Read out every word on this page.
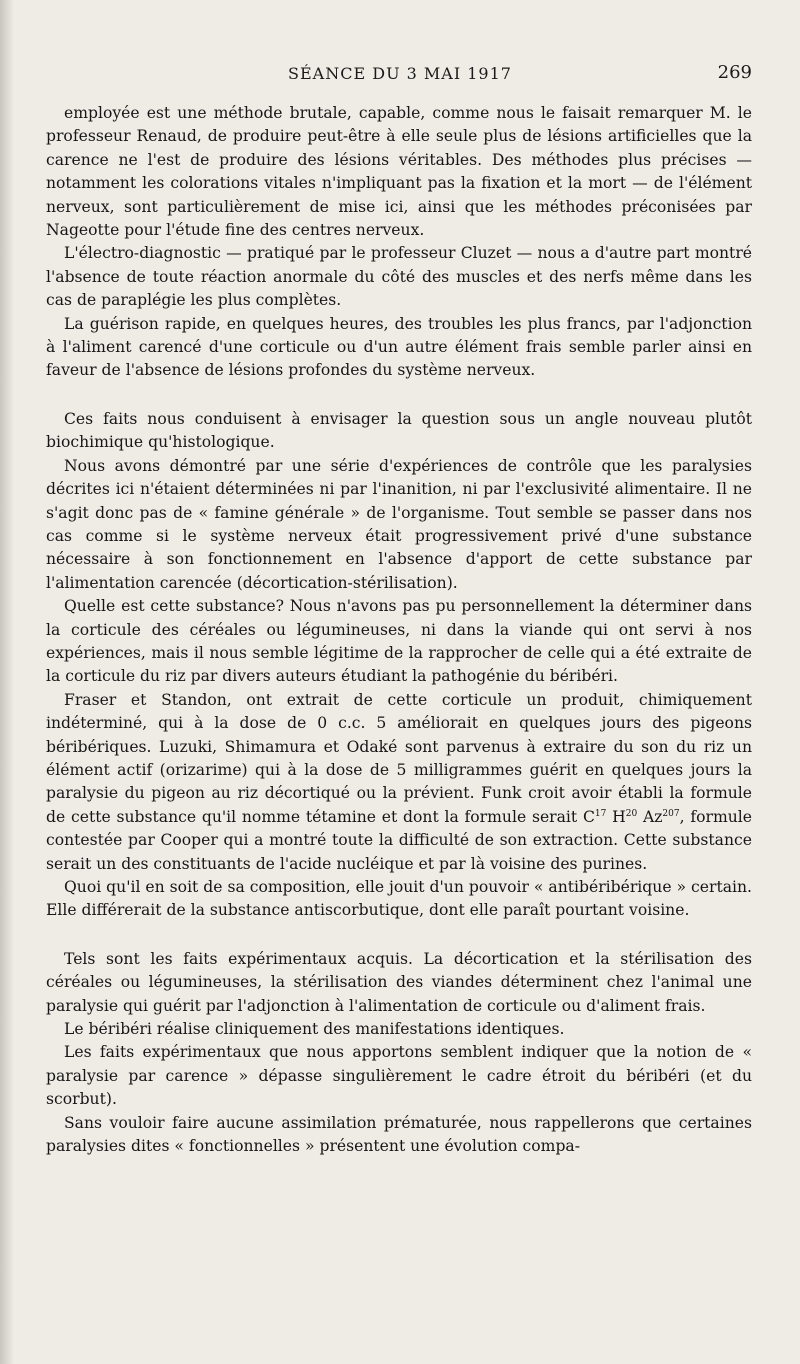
SÉANCE DU 3 MAI 1917	269

employée est une méthode brutale, capable, comme nous le faisait remarquer M. le professeur Renaud, de produire peut-être à elle seule plus de lésions artificielles que la carence ne l'est de produire des lésions véritables. Des méthodes plus précises — notamment les colorations vitales n'impliquant pas la fixation et la mort — de l'élément nerveux, sont particulièrement de mise ici, ainsi que les méthodes préconisées par Nageotte pour l'étude fine des centres nerveux.

L'électro-diagnostic — pratiqué par le professeur Cluzet — nous a d'autre part montré l'absence de toute réaction anormale du côté des muscles et des nerfs même dans les cas de paraplégie les plus complètes.

La guérison rapide, en quelques heures, des troubles les plus francs, par l'adjonction à l'aliment carencé d'une corticule ou d'un autre élément frais semble parler ainsi en faveur de l'absence de lésions profondes du système nerveux.

Ces faits nous conduisent à envisager la question sous un angle nouveau plutôt biochimique qu'histologique.

Nous avons démontré par une série d'expériences de contrôle que les paralysies décrites ici n'étaient déterminées ni par l'inanition, ni par l'exclusivité alimentaire. Il ne s'agit donc pas de « famine générale » de l'organisme. Tout semble se passer dans nos cas comme si le système nerveux était progressivement privé d'une substance nécessaire à son fonctionnement en l'absence d'apport de cette substance par l'alimentation carencée (décortication-stérilisation).

Quelle est cette substance? Nous n'avons pas pu personnellement la déterminer dans la corticule des céréales ou légumineuses, ni dans la viande qui ont servi à nos expériences, mais il nous semble légitime de la rapprocher de celle qui a été extraite de la corticule du riz par divers auteurs étudiant la pathogénie du béribéri.

Fraser et Standon, ont extrait de cette corticule un produit, chimiquement indéterminé, qui à la dose de 0 c.c. 5 améliorait en quelques jours des pigeons béribériques. Luzuki, Shimamura et Odaké sont parvenus à extraire du son du riz un élément actif (orizarime) qui à la dose de 5 milligrammes guérit en quelques jours la paralysie du pigeon au riz décortiqué ou la prévient. Funk croit avoir établi la formule de cette substance qu'il nomme tétamine et dont la formule serait $C^{17}$ $H^{20}$ Az$^{207}$, formule contestée par Cooper qui a montré toute la difficulté de son extraction. Cette substance serait un des constituants de l'acide nucléique et par là voisine des purines.

Quoi qu'il en soit de sa composition, elle jouit d'un pouvoir « antibéribérique » certain. Elle différerait de la substance antiscorbutique, dont elle paraît pourtant voisine.

Tels sont les faits expérimentaux acquis. La décortication et la stérilisation des céréales ou légumineuses, la stérilisation des viandes déterminent chez l'animal une paralysie qui guérit par l'adjonction à l'alimentation de corticule ou d'aliment frais.

Le béribéri réalise cliniquement des manifestations identiques.

Les faits expérimentaux que nous apportons semblent indiquer que la notion de « paralysie par carence » dépasse singulièrement le cadre étroit du béribéri (et du scorbut).

Sans vouloir faire aucune assimilation prématurée, nous rappellerons que certaines paralysies dites « fonctionnelles » présentent une évolution compa-
